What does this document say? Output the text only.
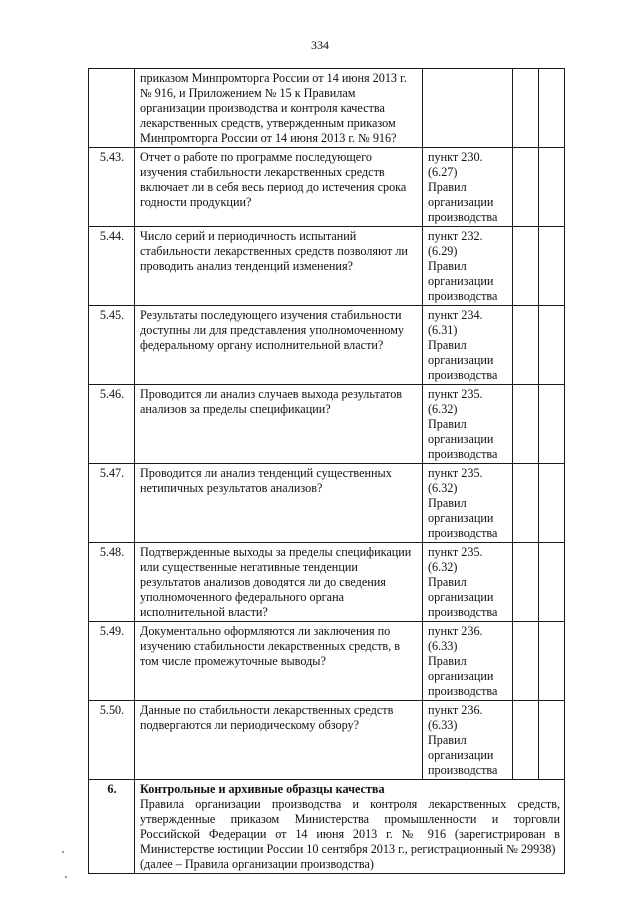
334
	приказом Минпромторга России от 14 июня 2013 г. № 916, и Приложением № 15 к Правилам организации производства и контроля качества лекарственных средств, утвержденным приказом Минпромторга России от 14 июня 2013 г. № 916?			
5.43.	Отчет о работе по программе последующего изучения стабильности лекарственных средств включает ли в себя весь период до истечения срока годности продукции?	пункт 230.
(6.27)
Правил
организации
производства		

5.44.	Число серий и периодичность испытаний стабильности лекарственных средств позволяют ли проводить анализ тенденций изменения?	пункт 232.
(6.29)
Правил
организации
производства		

5.45.	Результаты последующего изучения стабильности доступны ли для представления уполномоченному федеральному органу исполнительной власти?	пункт 234.
(6.31)
Правил
организации
производства		

5.46.	Проводится ли анализ случаев выхода результатов анализов за пределы спецификации?	пункт 235.
(6.32)
Правил
организации
производства		

5.47.	Проводится ли анализ тенденций существенных нетипичных результатов анализов?	пункт 235.
(6.32)
Правил
организации
производства		

5.48.	Подтвержденные выходы за пределы спецификации или существенные негативные тенденции результатов анализов доводятся ли до сведения уполномоченного федерального органа исполнительной власти?	пункт 235.
(6.32)
Правил
организации
производства		

5.49.	Документально оформляются ли заключения по изучению стабильности лекарственных средств, в том числе промежуточные выводы?	пункт 236.
(6.33)
Правил
организации
производства		

5.50.	Данные по стабильности лекарственных средств подвергаются ли периодическому обзору?	пункт 236.
(6.33)
Правил
организации
производства		

6.	Контрольные и архивные образцы качества
Правила организации производства и контроля лекарственных средств, утвержденные приказом Министерства промышленности и торговли Российской Федерации от 14 июня 2013 г. № 916 (зарегистрирован в Министерстве юстиции России 10 сентября 2013 г., регистрационный № 29938)
(далее – Правила организации производства)			
